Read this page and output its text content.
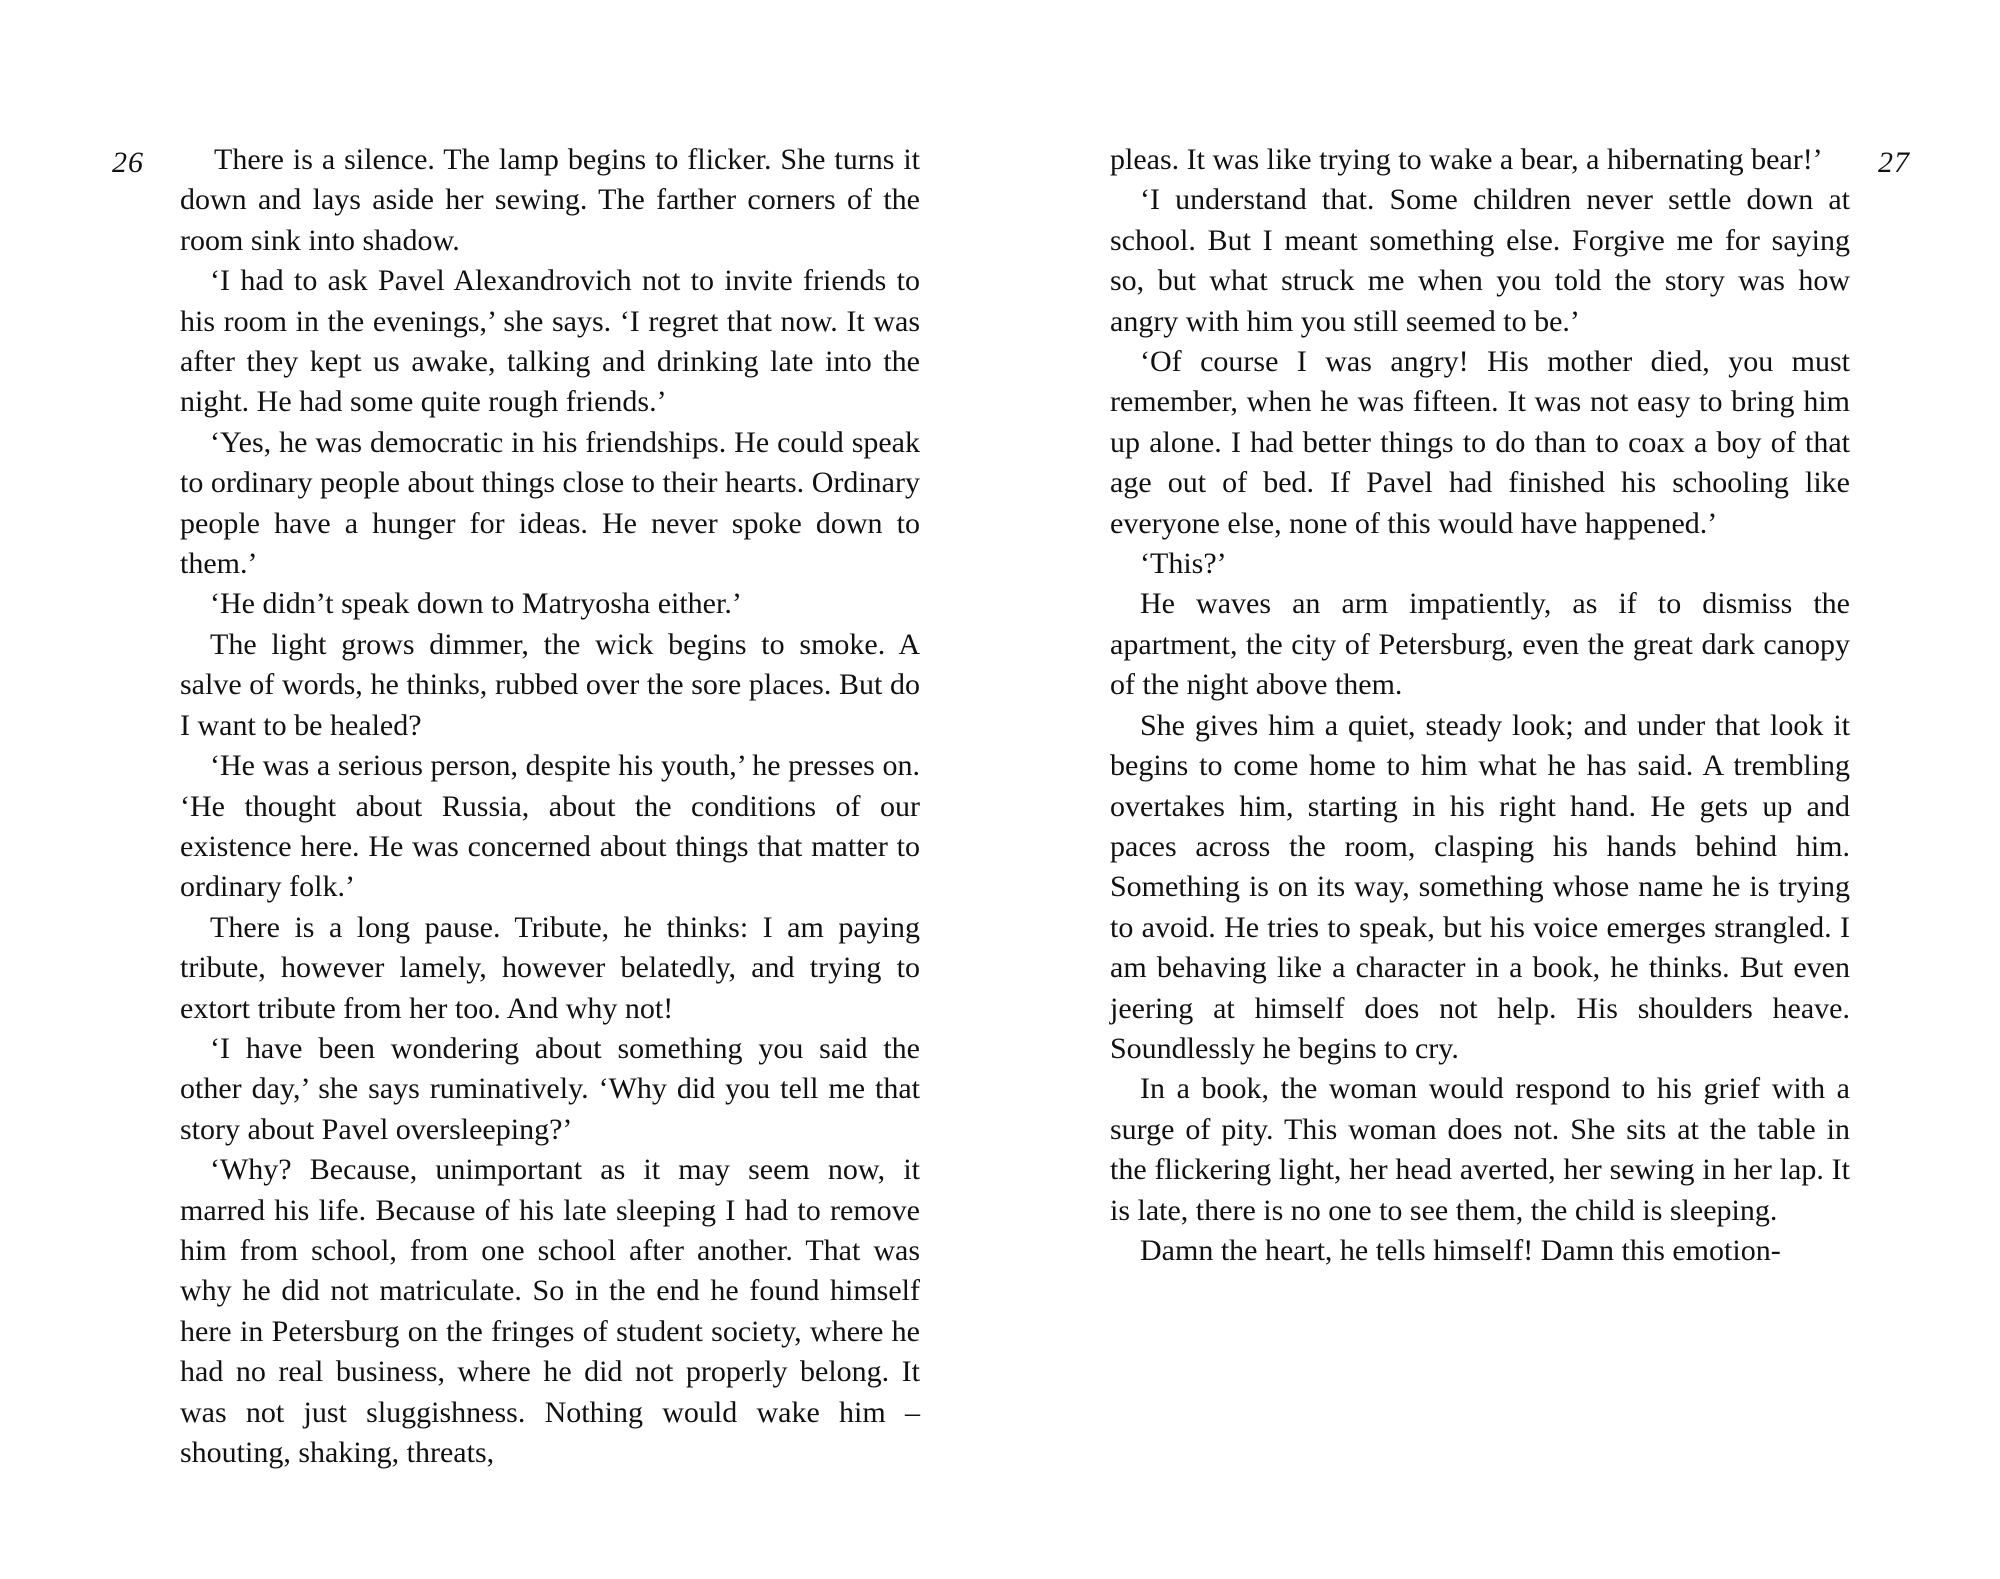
26	There is a silence. The lamp begins to flicker. She turns it down and lays aside her sewing. The farther corners of the room sink into shadow.

‘I had to ask Pavel Alexandrovich not to invite friends to his room in the evenings,’ she says. ‘I regret that now. It was after they kept us awake, talking and drinking late into the night. He had some quite rough friends.’

‘Yes, he was democratic in his friendships. He could speak to ordinary people about things close to their hearts. Ordinary people have a hunger for ideas. He never spoke down to them.’

‘He didn’t speak down to Matryosha either.’

The light grows dimmer, the wick begins to smoke. A salve of words, he thinks, rubbed over the sore places. But do I want to be healed?

‘He was a serious person, despite his youth,’ he presses on. ‘He thought about Russia, about the conditions of our existence here. He was concerned about things that matter to ordinary folk.’

There is a long pause. Tribute, he thinks: I am paying tribute, however lamely, however belatedly, and trying to extort tribute from her too. And why not!

‘I have been wondering about something you said the other day,’ she says ruminatively. ‘Why did you tell me that story about Pavel oversleeping?’

‘Why? Because, unimportant as it may seem now, it marred his life. Because of his late sleeping I had to remove him from school, from one school after another. That was why he did not matriculate. So in the end he found himself here in Petersburg on the fringes of student society, where he had no real business, where he did not properly belong. It was not just sluggishness. Nothing would wake him – shouting, shaking, threats,

pleas. It was like trying to wake a bear, a hibernating bear!’

‘I understand that. Some children never settle down at school. But I meant something else. Forgive me for saying so, but what struck me when you told the story was how angry with him you still seemed to be.’

‘Of course I was angry! His mother died, you must remember, when he was fifteen. It was not easy to bring him up alone. I had better things to do than to coax a boy of that age out of bed. If Pavel had finished his schooling like everyone else, none of this would have happened.’

‘This?’

He waves an arm impatiently, as if to dismiss the apartment, the city of Petersburg, even the great dark canopy of the night above them.

She gives him a quiet, steady look; and under that look it begins to come home to him what he has said. A trembling overtakes him, starting in his right hand. He gets up and paces across the room, clasping his hands behind him. Something is on its way, something whose name he is trying to avoid. He tries to speak, but his voice emerges strangled. I am behaving like a character in a book, he thinks. But even jeering at himself does not help. His shoulders heave. Soundlessly he begins to cry.

In a book, the woman would respond to his grief with a surge of pity. This woman does not. She sits at the table in the flickering light, her head averted, her sewing in her lap. It is late, there is no one to see them, the child is sleeping.

Damn the heart, he tells himself! Damn this emotion-

27
